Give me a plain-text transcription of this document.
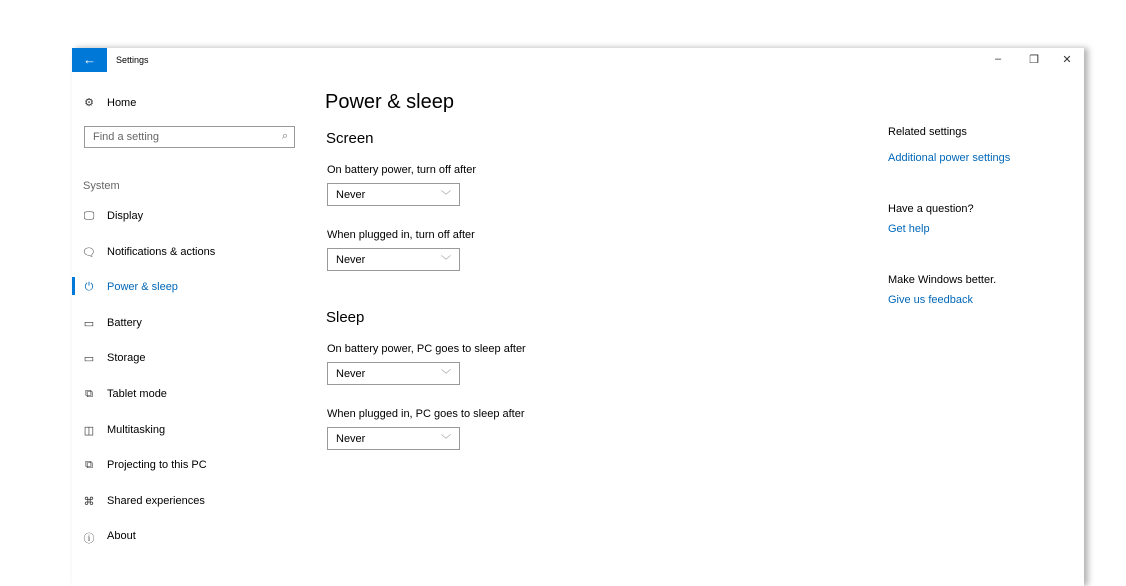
←	Settings	–	❐	✕
⚙ Home
Find a setting	⌕
System
🖵 Display
🗨 Notifications & actions
⏻ Power & sleep
▭ Battery
▭ Storage
⧉ Tablet mode
◫ Multitasking
⧉ Projecting to this PC
⌘ Shared experiences
ⓘ About
Power & sleep
Screen
On battery power, turn off after
Never	﹀
When plugged in, turn off after
Never	﹀
Sleep
On battery power, PC goes to sleep after
Never	﹀
When plugged in, PC goes to sleep after
Never	﹀
Related settings
Additional power settings
Have a question?
Get help
Make Windows better.
Give us feedback
